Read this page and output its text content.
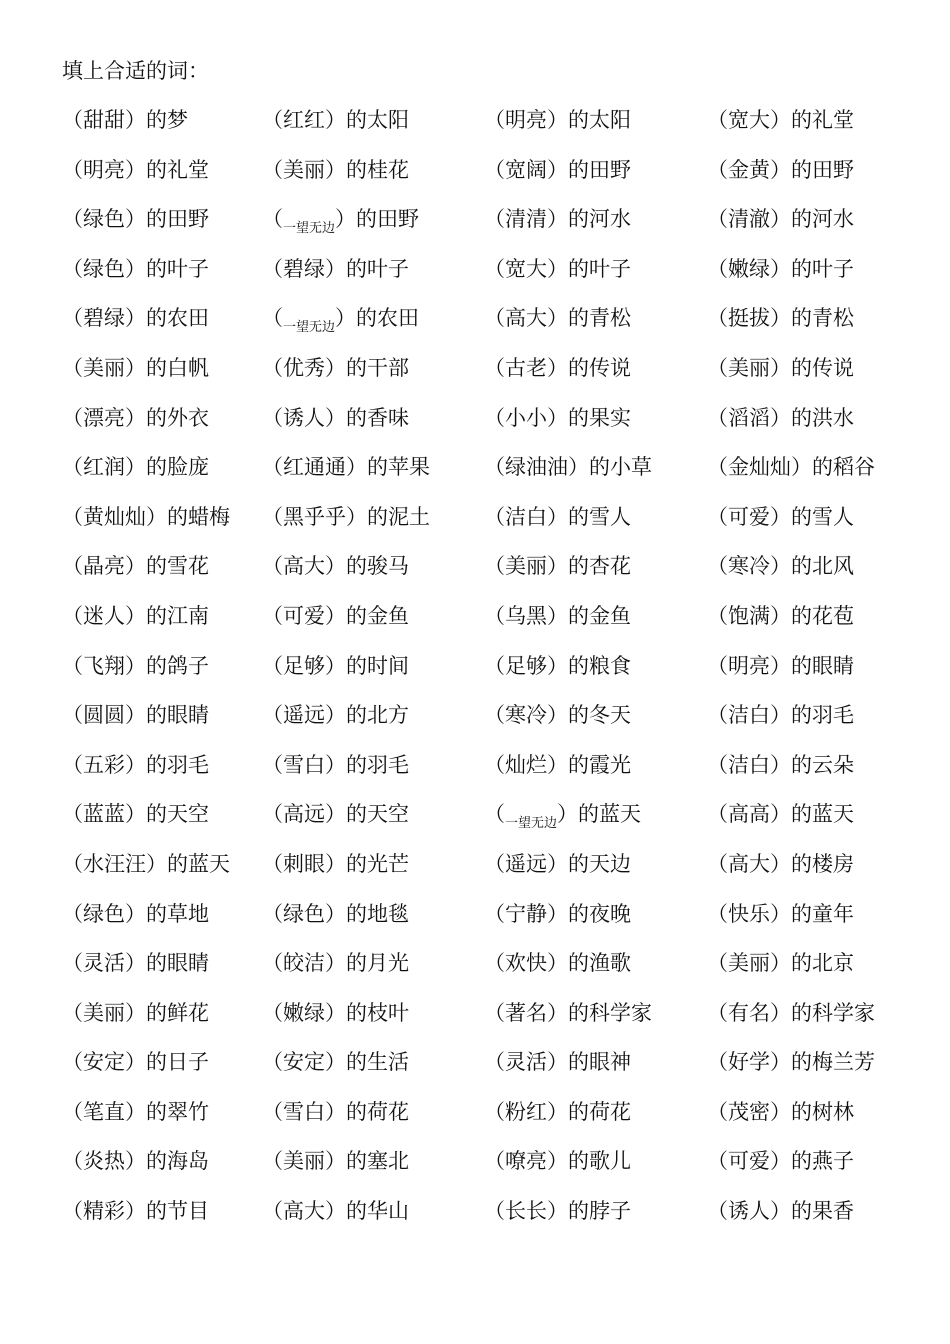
填上合适的词：
（甜甜）的梦	（红红）的太阳	（明亮）的太阳	（宽大）的礼堂
（明亮）的礼堂	（美丽）的桂花	（宽阔）的田野	（金黄）的田野
（绿色）的田野	$(_{一望无边})$的田野	（清清）的河水	（清澈）的河水
（绿色）的叶子	（碧绿）的叶子	（宽大）的叶子	（嫩绿）的叶子
（碧绿）的农田	$(_{一望无边})$的农田	（高大）的青松	（挺拔）的青松
（美丽）的白帆	（优秀）的干部	（古老）的传说	（美丽）的传说
（漂亮）的外衣	（诱人）的香味	（小小）的果实	（滔滔）的洪水
（红润）的脸庞	（红通通）的苹果	（绿油油）的小草	（金灿灿）的稻谷
（黄灿灿）的蜡梅 （黑乎乎）的泥土	（洁白）的雪人	（可爱）的雪人
（晶亮）的雪花	（高大）的骏马	（美丽）的杏花	（寒冷）的北风
（迷人）的江南	（可爱）的金鱼	（乌黑）的金鱼	（饱满）的花苞
（飞翔）的鸽子	（足够）的时间	（足够）的粮食	（明亮）的眼睛
（圆圆）的眼睛	（遥远）的北方	（寒冷）的冬天	（洁白）的羽毛
（五彩）的羽毛	（雪白）的羽毛	（灿烂）的霞光	（洁白）的云朵
（蓝蓝）的天空	（高远）的天空	$(_{一望无边})$的蓝天	（高高）的蓝天
（水汪汪）的蓝天 （刺眼）的光芒	（遥远）的天边	（高大）的楼房
（绿色）的草地	（绿色）的地毯	（宁静）的夜晚	（快乐）的童年
（灵活）的眼睛	（皎洁）的月光	（欢快）的渔歌	（美丽）的北京
（美丽）的鲜花	（嫩绿）的枝叶	（著名）的科学家	（有名）的科学家
（安定）的日子	（安定）的生活	（灵活）的眼神	（好学）的梅兰芳
（笔直）的翠竹	（雪白）的荷花	（粉红）的荷花	（茂密）的树林
（炎热）的海岛	（美丽）的塞北	（嘹亮）的歌儿	（可爱）的燕子
（精彩）的节目	（高大）的华山	（长长）的脖子	（诱人）的果香
